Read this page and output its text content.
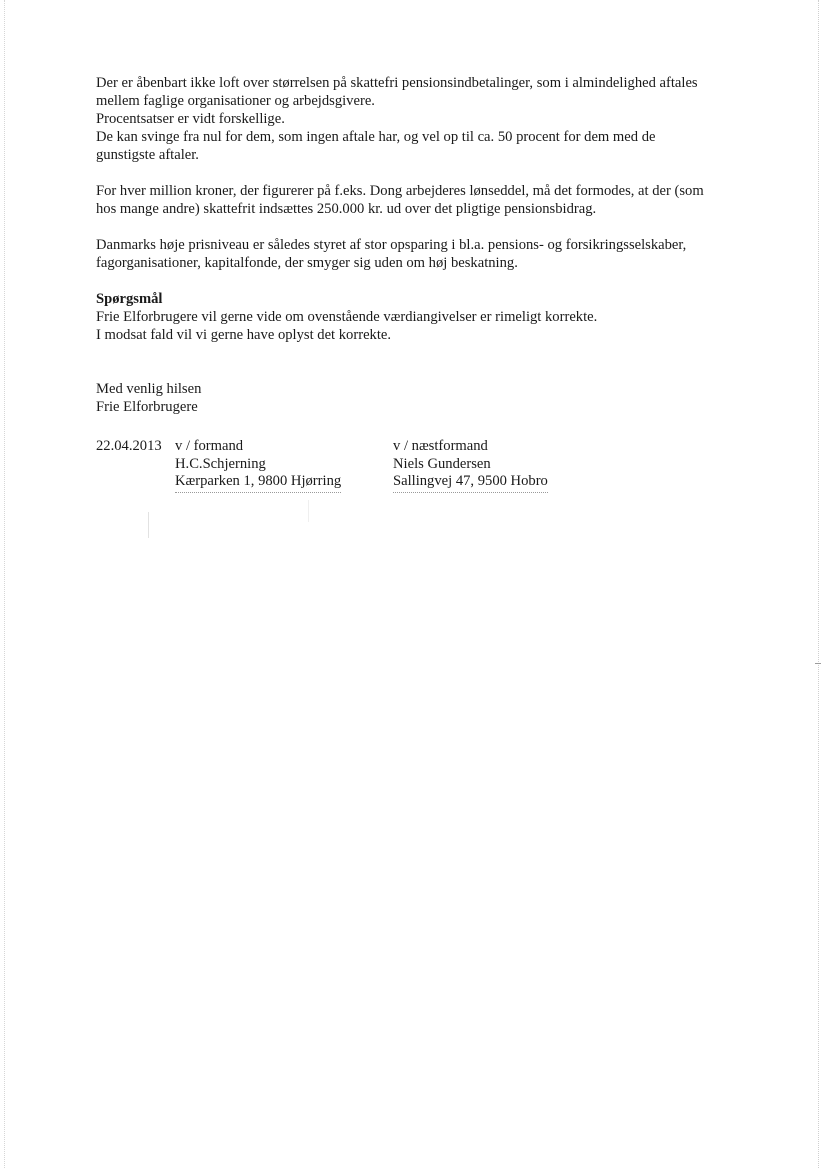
Der er åbenbart ikke loft over størrelsen på skattefri pensionsindbetalinger, som i almindelighed aftales

mellem faglige organisationer og arbejdsgivere.

Procentsatser er vidt forskellige.

De kan svinge fra nul for dem, som ingen aftale har, og vel op til ca. 50 procent for dem med de

gunstigste aftaler.

For hver million kroner, der figurerer på f.eks. Dong arbejderes lønseddel, må det formodes, at der (som

hos mange andre) skattefrit indsættes 250.000 kr. ud over det pligtige pensionsbidrag.

Danmarks høje prisniveau er således styret af stor opsparing i bl.a. pensions- og forsikringsselskaber,

fagorganisationer, kapitalfonde, der smyger sig uden om høj beskatning.

Spørgsmål

Frie Elforbrugere vil gerne vide om ovenstående værdiangivelser er rimeligt korrekte.

I modsat fald vil vi gerne have oplyst det korrekte.

Med venlig hilsen

Frie Elforbrugere

22.04.2013 v / formand
H.C.Schjerning
Kærparken 1, 9800 Hjørring
v / næstformand
Niels Gundersen
Sallingvej 47, 9500 Hobro
